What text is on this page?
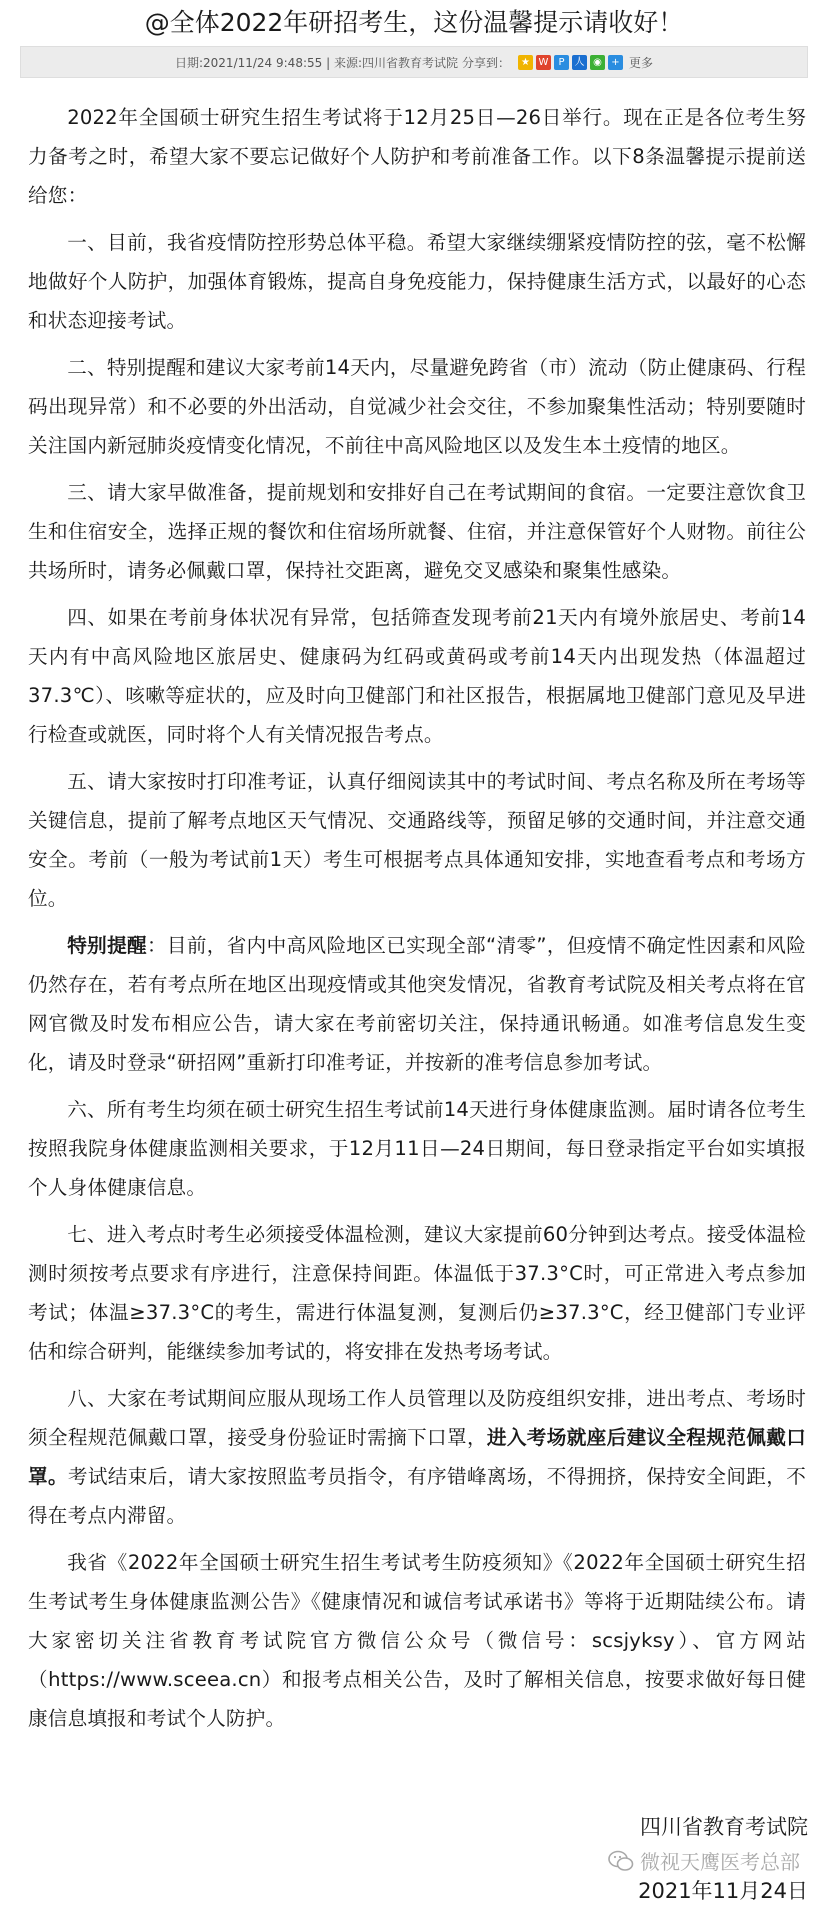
@全体2022年研招考生，这份温馨提示请收好！
日期:2021/11/24 9:48:55 | 来源:四川省教育考试院 分享到：	★ W	P 人 ◉ + 更多

2022年全国硕士研究生招生考试将于12月25日—26日举行。现在正是各位考生努力备考之时，希望大家不要忘记做好个人防护和考前准备工作。以下8条温馨提示提前送给您：

一、目前，我省疫情防控形势总体平稳。希望大家继续绷紧疫情防控的弦，毫不松懈地做好个人防护，加强体育锻炼，提高自身免疫能力，保持健康生活方式，以最好的心态和状态迎接考试。

二、特别提醒和建议大家考前14天内，尽量避免跨省（市）流动（防止健康码、行程码出现异常）和不必要的外出活动，自觉减少社会交往，不参加聚集性活动；特别要随时关注国内新冠肺炎疫情变化情况，不前往中高风险地区以及发生本土疫情的地区。

三、请大家早做准备，提前规划和安排好自己在考试期间的食宿。一定要注意饮食卫生和住宿安全，选择正规的餐饮和住宿场所就餐、住宿，并注意保管好个人财物。前往公共场所时，请务必佩戴口罩，保持社交距离，避免交叉感染和聚集性感染。

四、如果在考前身体状况有异常，包括筛查发现考前21天内有境外旅居史、考前14天内有中高风险地区旅居史、健康码为红码或黄码或考前14天内出现发热（体温超过37.3℃）、咳嗽等症状的，应及时向卫健部门和社区报告，根据属地卫健部门意见及早进行检查或就医，同时将个人有关情况报告考点。

五、请大家按时打印准考证，认真仔细阅读其中的考试时间、考点名称及所在考场等关键信息，提前了解考点地区天气情况、交通路线等，预留足够的交通时间，并注意交通安全。考前（一般为考试前1天）考生可根据考点具体通知安排，实地查看考点和考场方位。

特别提醒：目前，省内中高风险地区已实现全部“清零”，但疫情不确定性因素和风险仍然存在，若有考点所在地区出现疫情或其他突发情况，省教育考试院及相关考点将在官网官微及时发布相应公告，请大家在考前密切关注，保持通讯畅通。如准考信息发生变化，请及时登录“研招网”重新打印准考证，并按新的准考信息参加考试。

六、所有考生均须在硕士研究生招生考试前14天进行身体健康监测。届时请各位考生按照我院身体健康监测相关要求，于12月11日—24日期间，每日登录指定平台如实填报个人身体健康信息。

七、进入考点时考生必须接受体温检测，建议大家提前60分钟到达考点。接受体温检测时须按考点要求有序进行，注意保持间距。体温低于37.3°C时，可正常进入考点参加考试；体温≥37.3°C的考生，需进行体温复测，复测后仍≥37.3°C，经卫健部门专业评估和综合研判，能继续参加考试的，将安排在发热考场考试。

八、大家在考试期间应服从现场工作人员管理以及防疫组织安排，进出考点、考场时须全程规范佩戴口罩，接受身份验证时需摘下口罩，进入考场就座后建议全程规范佩戴口罩。考试结束后，请大家按照监考员指令，有序错峰离场，不得拥挤，保持安全间距，不得在考点内滞留。

我省《2022年全国硕士研究生招生考试考生防疫须知》《2022年全国硕士研究生招生考试考生身体健康监测公告》《健康情况和诚信考试承诺书》等将于近期陆续公布。请大家密切关注省教育考试院官方微信公众号（微信号：scsjyksy）、官方网站（https://www.sceea.cn）和报考点相关公告，及时了解相关信息，按要求做好每日健康信息填报和考试个人防护。

四川省教育考试院
2021年11月24日
微视天鹰医考总部
